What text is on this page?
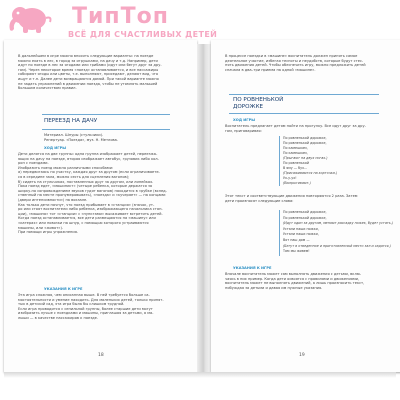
ТипТоп
ВСЁ ДЛЯ СЧАСТЛИВЫХ ДЕТЕЙ
В дальнейшем в игре можно вносить следующие варианты: на поезде
можно ехать в лес, в город за игрушками, на дачу и т.д. Например, дети
идут по поезде в лес за ягодами или грибами (идут или бегут друг за дру-
гом). Через некоторое время «поезд» останавливается, и все пассажиры
собирают ягоды или цветы, т.е. выполняют, приседают, делают вид, что
ищут и т.п. Далее дети возвращаются домой. При такой варианте можно
не задать упражнений в движении поезда, чтобы не утомлять малышей
большим количеством правил.
ПЕРЕЕЗД НА ДАЧУ
Материал. Шнуры (стульчики).
Репертуар. «Поезда», муз. Н. Метлова.
ХОД ИГРЫ
Дети делятся на две группы: одна группа изображает детей, переезжа-
ющих на дачу на поезде, вторая изображает автобус, грузовик либо кол-
рон с поездами.
Изобразить поезд можно различными способами:
а) передвигаясь по участку, каждая друг за другом (если ограничиваете-
ся в середине зала, можно сесть для сцепления вагонов);
б) сидеть на стульчиках, поставленных друг за другом, или линейках.
Пока поезд едет, «машинист» (четыре ребенка, которые держатся за
ширку-по сопровождением звуков гудят вагонов) находится в «рубке (вслед-
ственный на месте пронумеровывать), «поезда» и «кучеряет» — на концами
(двери интенсивности») на вокзале.
Как только дети начнут, что поезд прибывает в «станция» (значок, ут-
ро или стоят воспитатели либо ребенка, изображающего начальника стан-
ции), «машина» тот «станции» с «пунктами» высаживает встретить детей.
Когда поезд останавливается, все дети размещаются на «машину» или
«катерах» или повозки на шнур, с помощью которого устраиваются
машины, или «живот»).
При помощи игры упражнения.
УКАЗАНИЯ К ИГРЕ
Эта игра сложная, чем описанная выше. В ней требуется больше са-
мостоятельности и умение находить. Для маленьких детей, только принят-
тых в детский сад, эта игра была бы слишком трудной.
Если игра проводится с сенильной группы, более старшие дети могут
изобразить лучше с поездками и машины, приглашая за детьми, а ма-
лыши — в качестве пассажиров к поезде.
18
В процессе поездки в «машине» воспитатель должен принять самое
деятельное участие, избегая тесноты и неудобств, которые будут стес-
нять движения детей. Чтобы обеспечить игру, можно предложить детей
сначала в два–три приема на одной «машине».
ПО РОВНЕНЬКОЙ
ДОРОЖКЕ
ХОД ИГРЫ
Воспитатель предлагает детям пойти на прогулку. Все идут друг за дру-
гом, приговаривая:
По ровненькой дорожке,
По ровненькой дорожке,
По камешкам,
По камешкам,
(Прыгают на двух ногах.)
По ровненькой
В яму — бух...
(Присаживаются на корточки.)
Ух-у-ух!
(Выпрыгивают.)
Этот текст и соответствующие движения повторяются 2 раза. Затем
дети произносят следующие слова:
По ровненькой дорожке,
По ровненькой дорожке,
(Идут один за другим, меняют рассадку ножек, будет устать.)
Устали наши ножки,
Устали наши ножки,
Вот наш дом —
(Бегут в отведенное и приготовленный место зал и садятся.)
Там мы живем!
УКАЗАНИЯ К ИГРЕ
Вначале воспитатель может сам выполнять движения с детьми, вклю-
чаясь в них пример. Когда дети освоятся с правилами и движениями,
воспитатель может не выполнять движений, а лишь произносить текст,
побуждая за детьми и давая им нужные указания.
19
